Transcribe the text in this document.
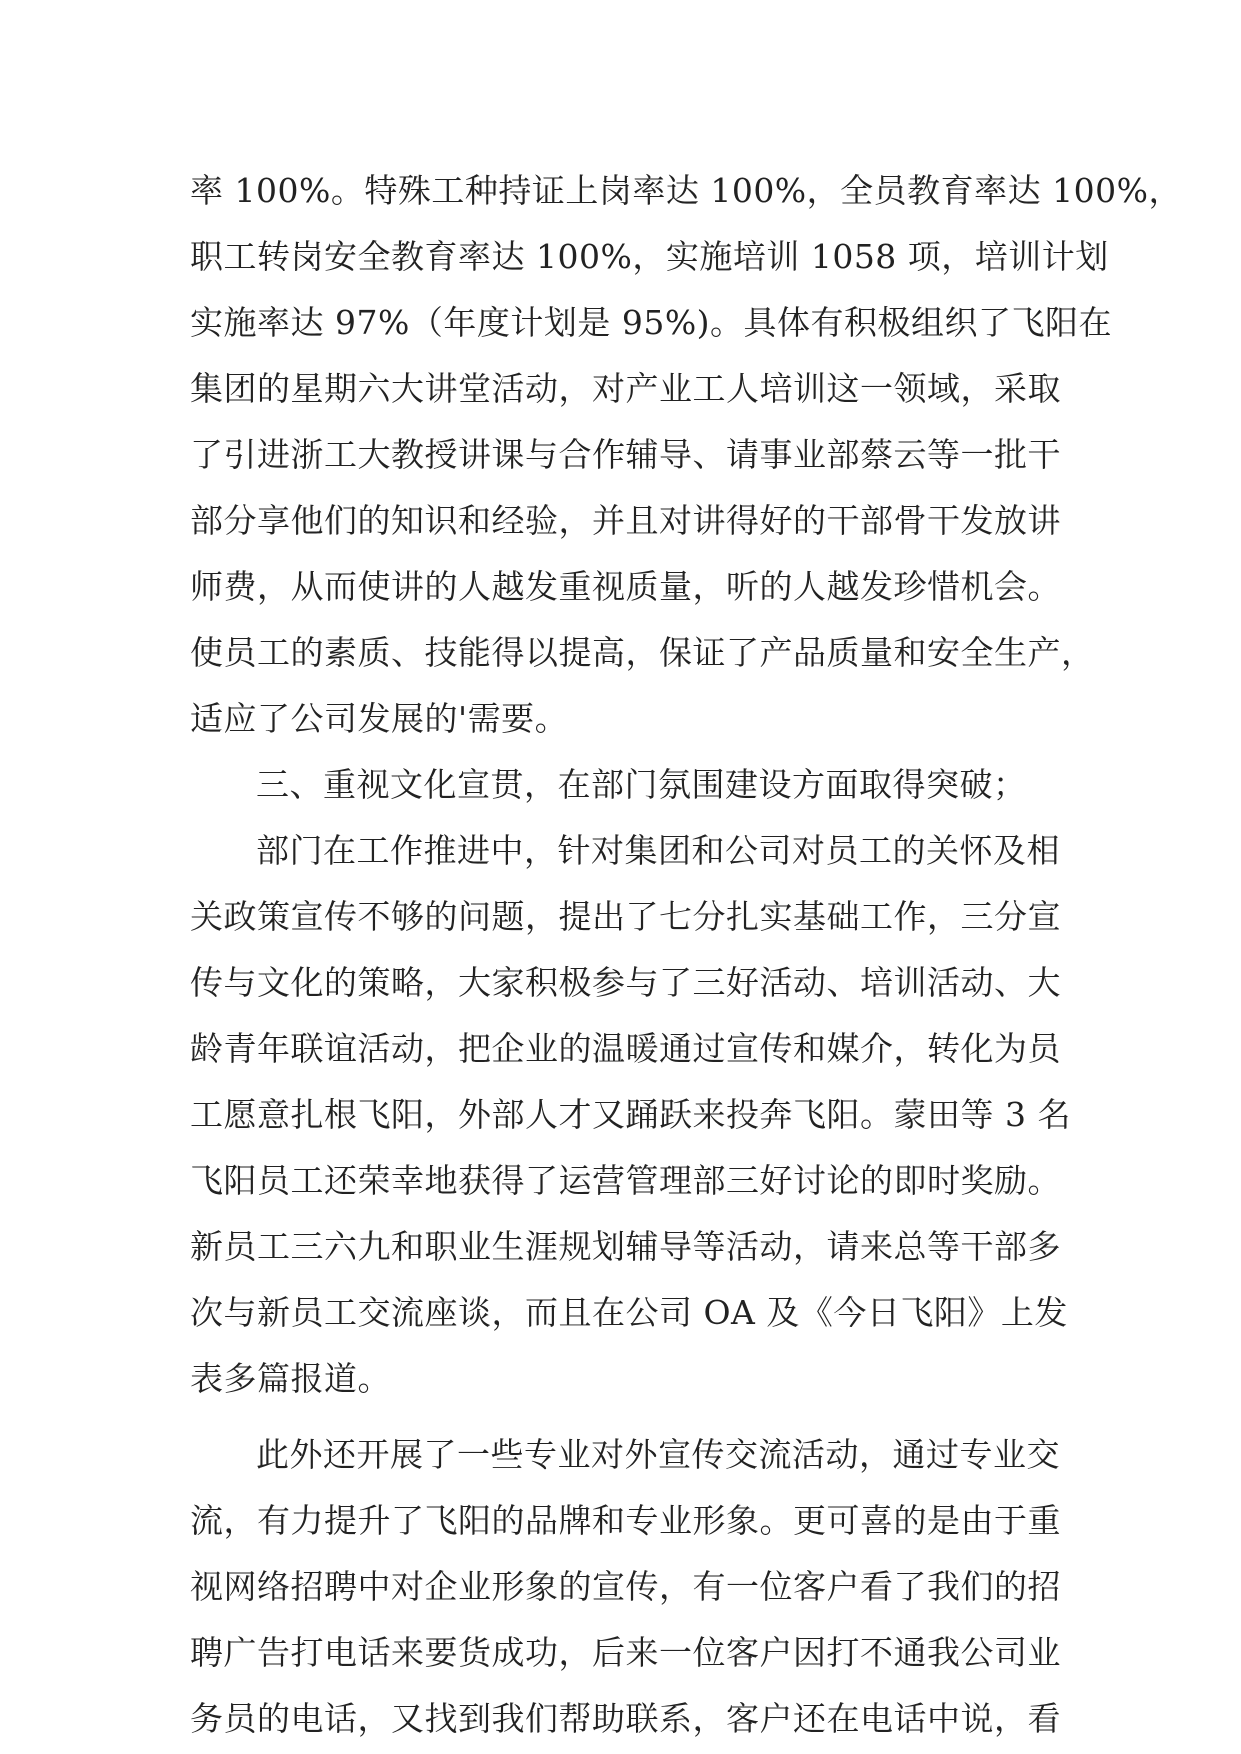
率 100%。特殊工种持证上岗率达 100%，全员教育率达 100%，
职工转岗安全教育率达 100%，实施培训 1058 项，培训计划
实施率达 97%（年度计划是 95%)。具体有积极组织了飞阳在
集团的星期六大讲堂活动，对产业工人培训这一领域，采取
了引进浙工大教授讲课与合作辅导、请事业部蔡云等一批干
部分享他们的知识和经验，并且对讲得好的干部骨干发放讲
师费，从而使讲的人越发重视质量，听的人越发珍惜机会。
使员工的素质、技能得以提高，保证了产品质量和安全生产，
适应了公司发展的'需要。
三、重视文化宣贯，在部门氛围建设方面取得突破；
部门在工作推进中，针对集团和公司对员工的关怀及相
关政策宣传不够的问题，提出了七分扎实基础工作，三分宣
传与文化的策略，大家积极参与了三好活动、培训活动、大
龄青年联谊活动，把企业的温暖通过宣传和媒介，转化为员
工愿意扎根飞阳，外部人才又踊跃来投奔飞阳。蒙田等 3 名
飞阳员工还荣幸地获得了运营管理部三好讨论的即时奖励。
新员工三六九和职业生涯规划辅导等活动，请来总等干部多
次与新员工交流座谈，而且在公司 OA 及《今日飞阳》上发
表多篇报道。
此外还开展了一些专业对外宣传交流活动，通过专业交
流，有力提升了飞阳的品牌和专业形象。更可喜的是由于重
视网络招聘中对企业形象的宣传，有一位客户看了我们的招
聘广告打电话来要货成功，后来一位客户因打不通我公司业
务员的电话，又找到我们帮助联系，客户还在电话中说，看
